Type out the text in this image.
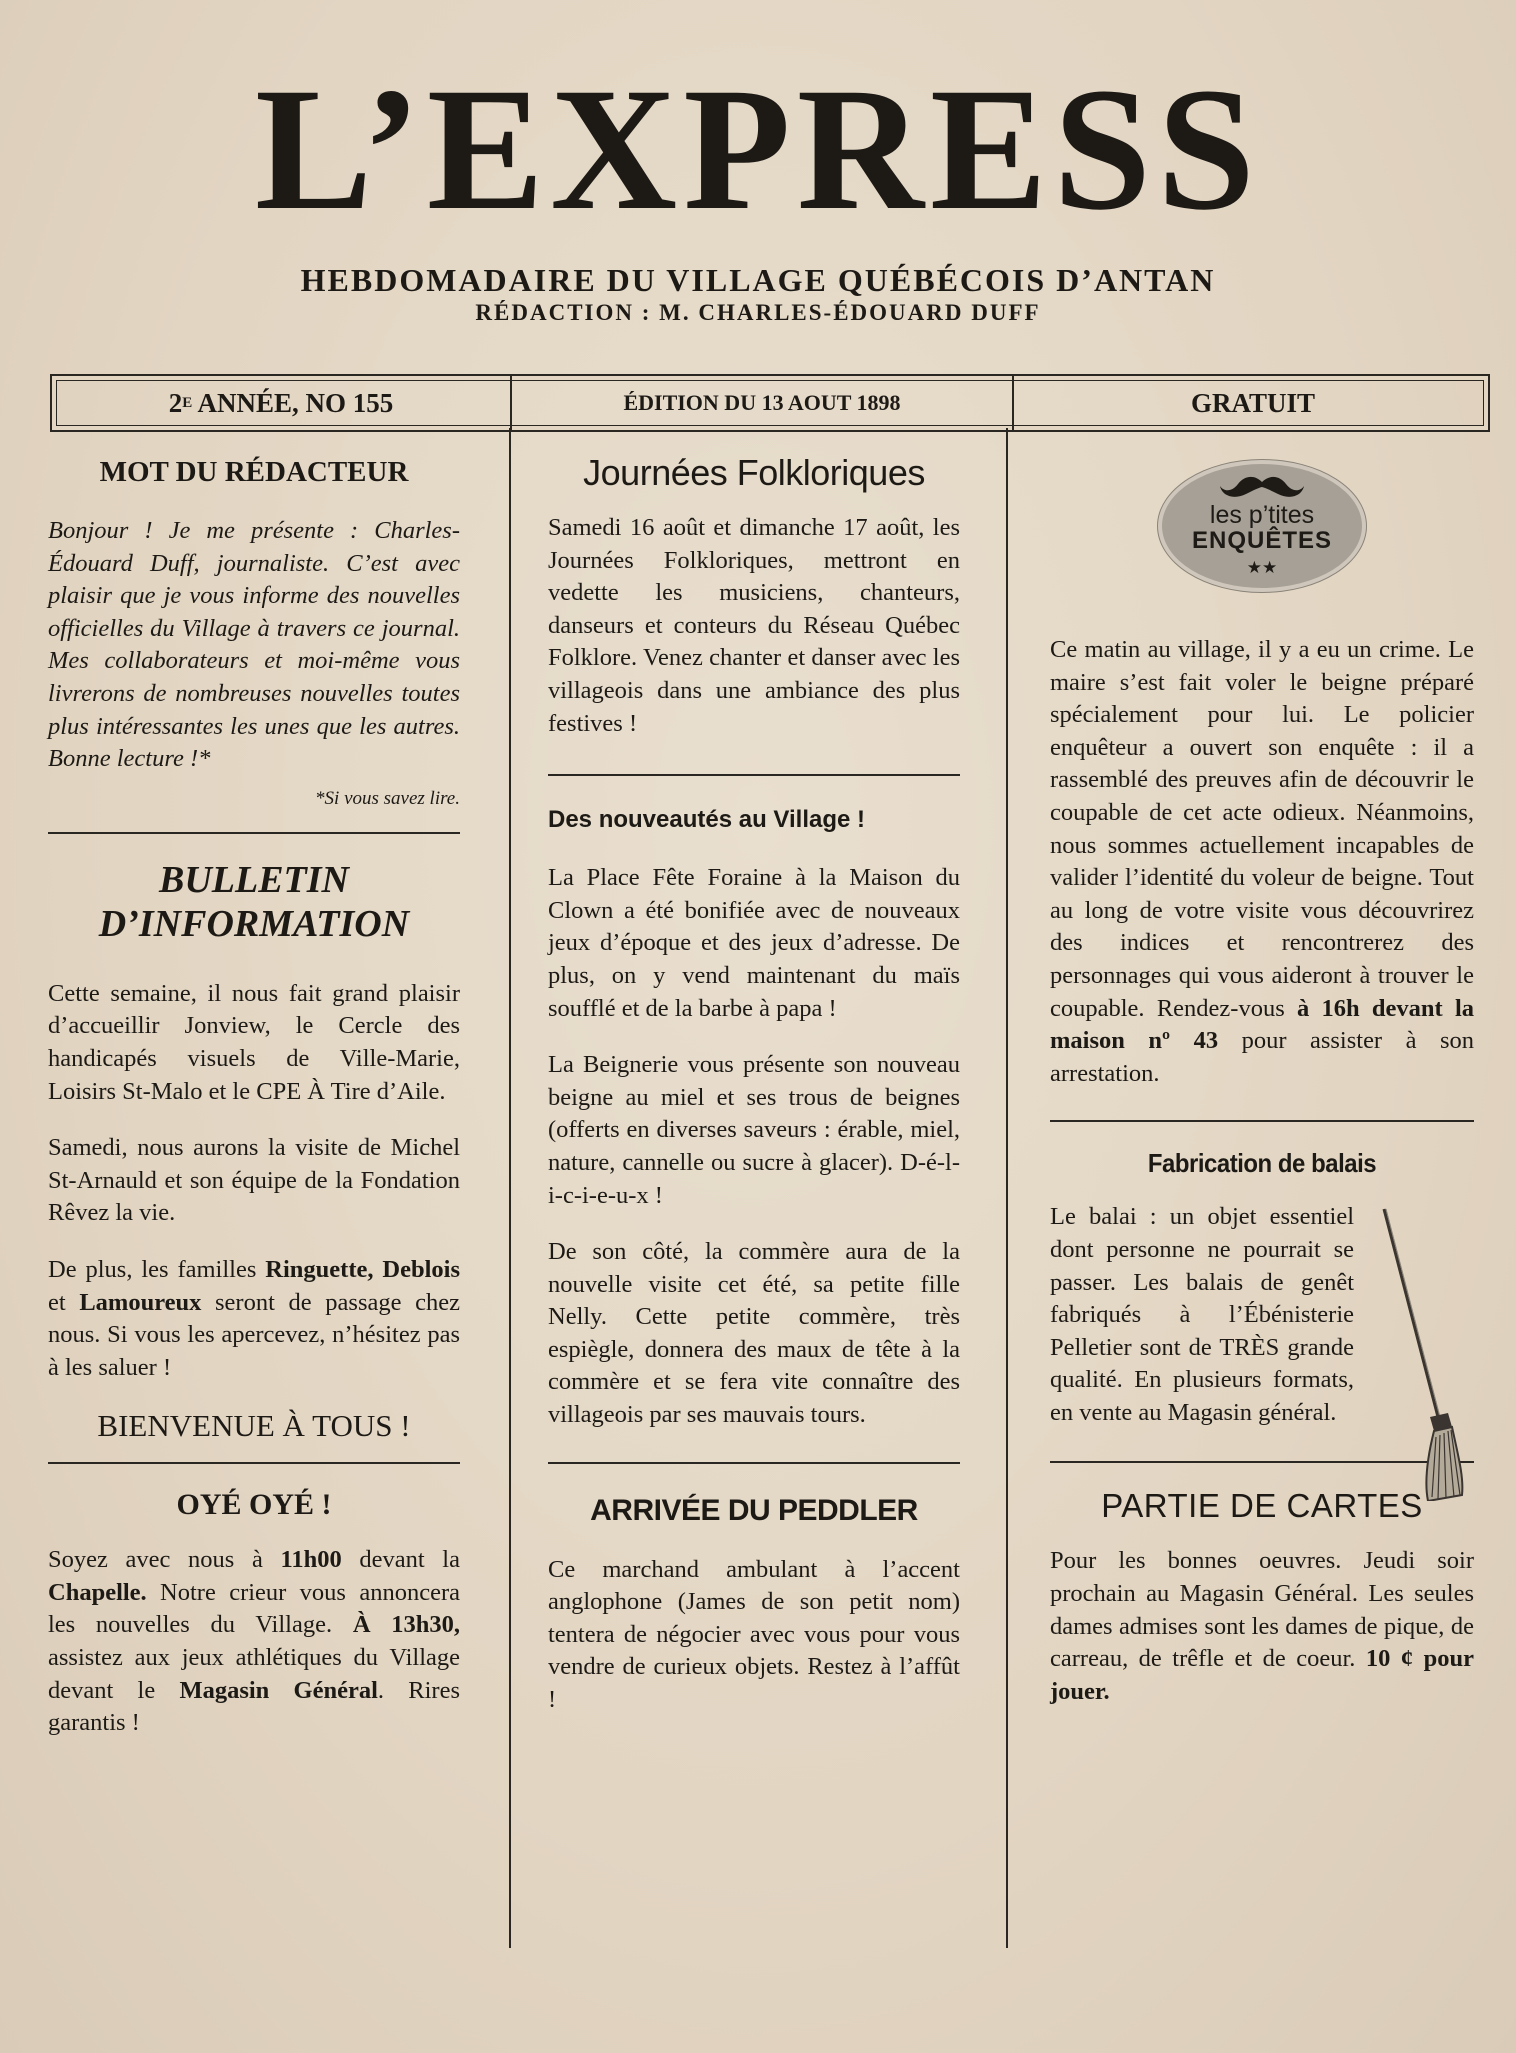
L’EXPRESS
HEBDOMADAIRE DU VILLAGE QUÉBÉCOIS D’ANTAN
RÉDACTION : M. CHARLES-ÉDOUARD DUFF
2 E ANNÉE, NO 155	ÉDITION DU 13 AOUT 1898	GRATUIT
MOT DU RÉDACTEUR

Bonjour ! Je me présente : Charles-Édouard Duff, journaliste. C’est avec plaisir que je vous informe des nouvelles officielles du Village à travers ce journal. Mes collaborateurs et moi-même vous livrerons de nombreuses nouvelles toutes plus intéressantes les unes que les autres. Bonne lecture !*

*Si vous savez lire.

BULLETIN
D’INFORMATION

Cette semaine, il nous fait grand plaisir d’accueillir Jonview, le Cercle des handicapés visuels de Ville-Marie, Loisirs St-Malo et le CPE À Tire d’Aile.

Samedi, nous aurons la visite de Michel St-Arnauld et son équipe de la Fondation Rêvez la vie.

De plus, les familles Ringuette, Deblois et Lamoureux seront de passage chez nous. Si vous les apercevez, n’hésitez pas à les saluer !

BIENVENUE À TOUS !

OYÉ OYÉ !

Soyez avec nous à 11h00 devant la Chapelle. Notre crieur vous annoncera les nouvelles du Village. À 13h30, assistez aux jeux athlétiques du Village devant le Magasin Général. Rires garantis !

Journées Folkloriques

Samedi 16 août et dimanche 17 août, les Journées Folkloriques, mettront en vedette les musiciens, chanteurs, danseurs et conteurs du Réseau Québec Folklore. Venez chanter et danser avec les villageois dans une ambiance des plus festives !

Des nouveautés au Village !

La Place Fête Foraine à la Maison du Clown a été bonifiée avec de nouveaux jeux d’époque et des jeux d’adresse. De plus, on y vend maintenant du maïs soufflé et de la barbe à papa !

La Beignerie vous présente son nouveau beigne au miel et ses trous de beignes (offerts en diverses saveurs : érable, miel, nature, cannelle ou sucre à glacer). D-é-l-i-c-i-e-u-x !

De son côté, la commère aura de la nouvelle visite cet été, sa petite fille Nelly. Cette petite commère, très espiègle, donnera des maux de tête à la commère et se fera vite connaître des villageois par ses mauvais tours.

ARRIVÉE DU PEDDLER

Ce marchand ambulant à l’accent anglophone (James de son petit nom) tentera de négocier avec vous pour vous vendre de curieux objets. Restez à l’affût !

les p’tites
ENQUÊTES
★★

Ce matin au village, il y a eu un crime. Le maire s’est fait voler le beigne préparé spécialement pour lui. Le policier enquêteur a ouvert son enquête : il a rassemblé des preuves afin de découvrir le coupable de cet acte odieux. Néanmoins, nous sommes actuellement incapables de valider l’identité du voleur de beigne. Tout au long de votre visite vous découvrirez des indices et rencontrerez des personnages qui vous aideront à trouver le coupable. Rendez-vous à 16h devant la maison nº 43 pour assister à son arrestation.

Fabrication de balais

Le balai : un objet essentiel dont personne ne pourrait se passer. Les balais de genêt fabriqués à l’Ébénisterie Pelletier sont de TRÈS grande qualité. En plusieurs formats, en vente au Magasin général.

PARTIE DE CARTES

Pour les bonnes oeuvres. Jeudi soir prochain au Magasin Général. Les seules dames admises sont les dames de pique, de carreau, de trêfle et de coeur. 10 ¢ pour jouer.
